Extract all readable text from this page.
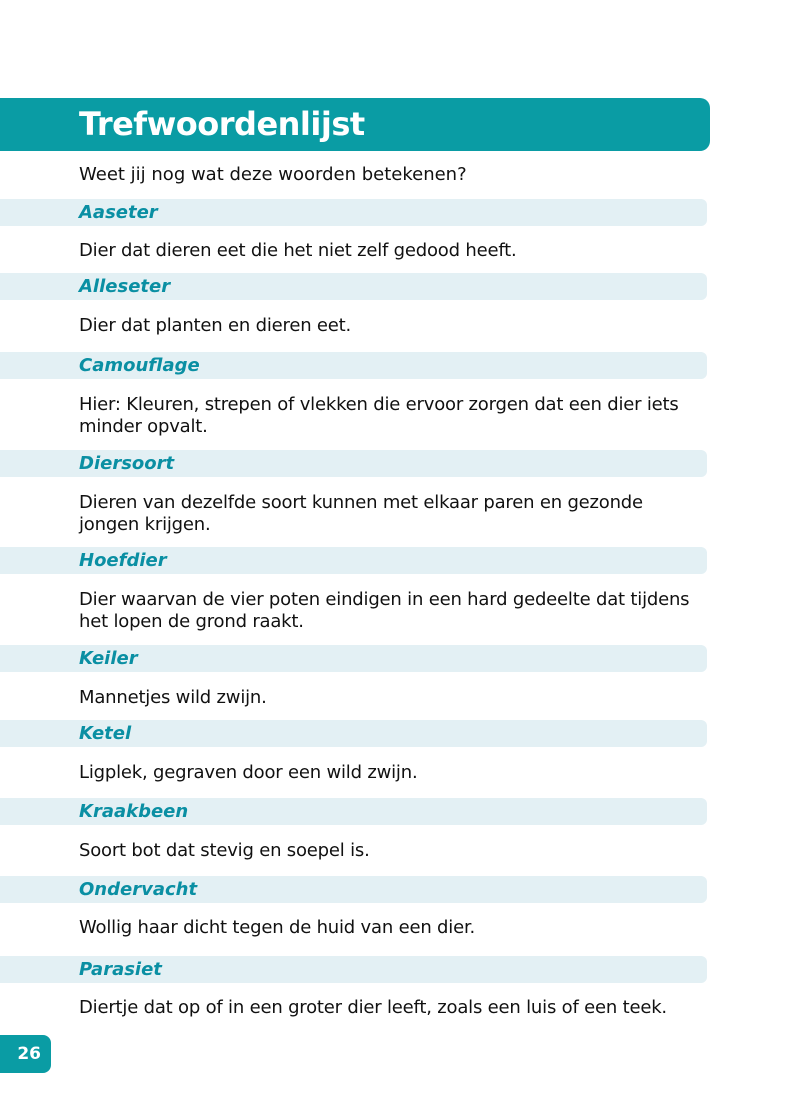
Trefwoordenlijst

Weet jij nog wat deze woorden betekenen?

Aaseter

Dier dat dieren eet die het niet zelf gedood heeft.

Alleseter

Dier dat planten en dieren eet.

Camouflage

Hier: Kleuren, strepen of vlekken die ervoor zorgen dat een dier iets minder opvalt.

Diersoort

Dieren van dezelfde soort kunnen met elkaar paren en gezonde jongen krijgen.

Hoefdier

Dier waarvan de vier poten eindigen in een hard gedeelte dat tijdens het lopen de grond raakt.

Keiler

Mannetjes wild zwijn.

Ketel

Ligplek, gegraven door een wild zwijn.

Kraakbeen

Soort bot dat stevig en soepel is.

Ondervacht

Wollig haar dicht tegen de huid van een dier.

Parasiet

Diertje dat op of in een groter dier leeft, zoals een luis of een teek.

26
